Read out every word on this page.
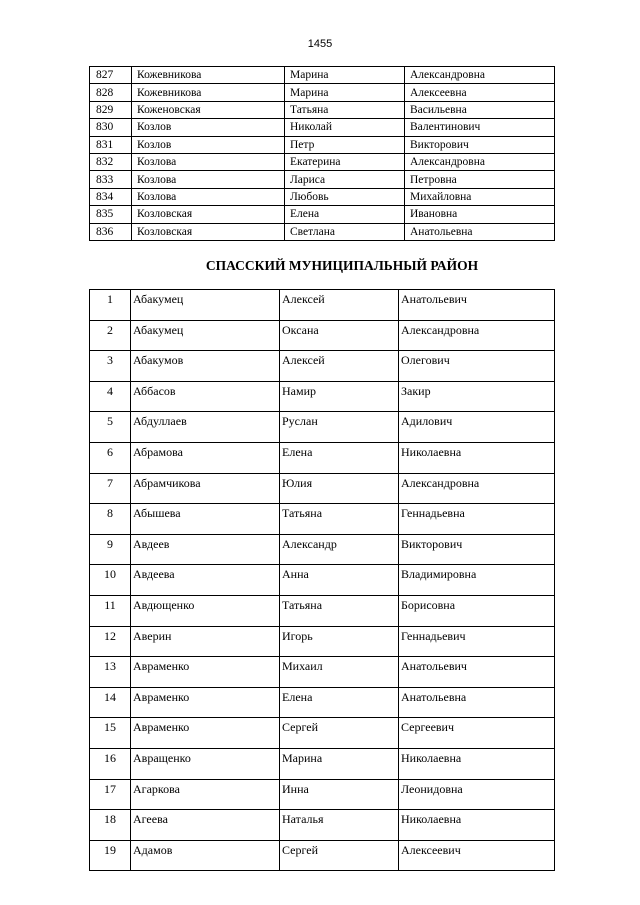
1455
827	Кожевникова	Марина	Александровна
828	Кожевникова	Марина	Алексеевна
829	Коженовская	Татьяна	Васильевна
830	Козлов	Николай	Валентинович
831	Козлов	Петр	Викторович
832	Козлова	Екатерина	Александровна
833	Козлова	Лариса	Петровна
834	Козлова	Любовь	Михайловна
835	Козловская	Елена	Ивановна
836	Козловская	Светлана	Анатольевна
СПАССКИЙ МУНИЦИПАЛЬНЫЙ РАЙОН
1	Абакумец	Алексей	Анатольевич
2	Абакумец	Оксана	Александровна
3	Абакумов	Алексей	Олегович
4	Аббасов	Намир	Закир
5	Абдуллаев	Руслан	Адилович
6	Абрамова	Елена	Николаевна
7	Абрамчикова	Юлия	Александровна
8	Абышева	Татьяна	Геннадьевна
9	Авдеев	Александр	Викторович
10	Авдеева	Анна	Владимировна
11	Авдющенко	Татьяна	Борисовна
12	Аверин	Игорь	Геннадьевич
13	Авраменко	Михаил	Анатольевич
14	Авраменко	Елена	Анатольевна
15	Авраменко	Сергей	Сергеевич
16	Авращенко	Марина	Николаевна
17	Агаркова	Инна	Леонидовна
18	Агеева	Наталья	Николаевна
19	Адамов	Сергей	Алексеевич
